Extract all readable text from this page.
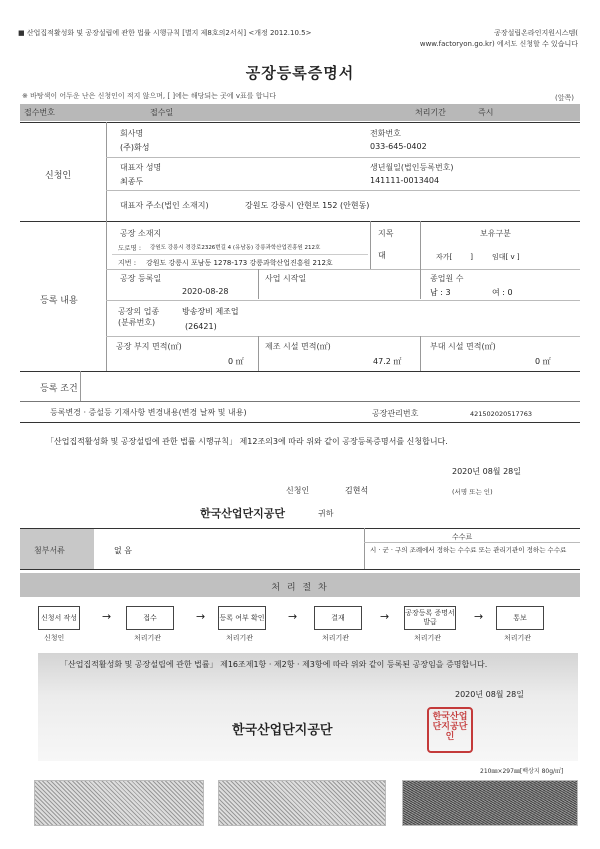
■ 산업집적활성화 및 공장설립에 관한 법률 시행규칙 [별지 제8호의2서식] <개정 2012.10.5>	공장설립온라인지원시스템(
www.factoryon.go.kr) 에서도 신청할 수 있습니다
공장등록증명서
※ 바탕색이 어두운 난은 신청인이 적지 않으며, [ ]에는 해당되는 곳에 v표를 합니다	(앞쪽)
접수번호	접수일	처리기간	즉시
신청인
회사명
(주)화성
전화번호
033-645-0402
대표자 성명
최종두
생년월일(법인등록번호)
141111-0013404
대표자 주소(법인 소재지)	강원도 강릉시 안현로 152 (안현동)
등록 내용
공장 소재지
도로명 : 강원도 강릉시 경강로2326번길 4 (유남동) 강릉과학산업진흥원 212호
지번 : 강원도 강릉시 포남동 1278-173 강릉과학산업진흥원 212호
지목
대
보유구분
자가[	]	임대[ v ]
공장 등록일
2020-08-28
사업 시작일	종업원 수
남 : 3	여 : 0
공장의 업종
(분류번호)
방송장비 제조업
(26421)
공장 부지 면적(㎡)
0 ㎡
제조 시설 면적(㎡)
47.2 ㎡
부대 시설 면적(㎡)
0 ㎡
등록 조건
등록변경 · 증설등 기재사항 변경내용(변경 날짜 및 내용)	공장관리번호	421502020517763
「산업집적활성화 및 공장설립에 관한 법률 시행규칙」 제12조의3에 따라 위와 같이 공장등록증명서를 신청합니다.
2020년 08월 28일
신청인	김현석	(서명 또는 인)
한국산업단지공단	귀하
첨부서류	없 음
수수료
시 · 군 · 구의 조례에서 정하는 수수료 또는 관리기관이 정하는 수수료
처 리 절 차
신청서 작성 →	접수	→ 등록 여부 확인 →	결재	→ 공장등록 증명서발급	→	통보
신청인	처리기관	처리기관	처리기관	처리기관	처리기관
「산업집적활성화 및 공장설립에 관한 법률」 제16조제1항 · 제2항 · 제3항에 따라 위와 같이 등록된 공장임을 증명합니다.
2020년 08월 28일
한국산업단지공단
한국산업단지공단인
210㎜×297㎜[백상지 80g/㎡]
